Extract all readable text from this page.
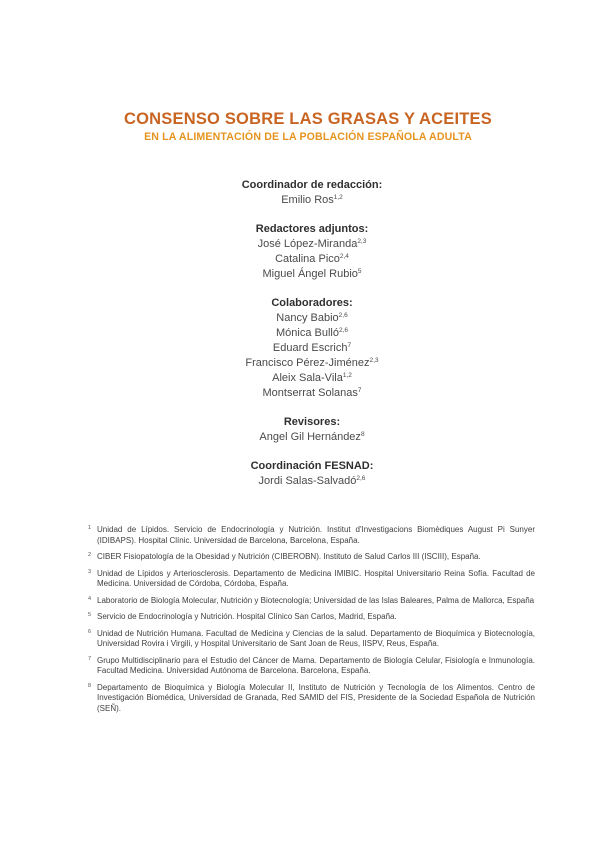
CONSENSO SOBRE LAS GRASAS Y ACEITES
EN LA ALIMENTACIÓN DE LA POBLACIÓN ESPAÑOLA ADULTA
Coordinador de redacción:
Emilio Ros$^{1,2}$
Redactores adjuntos:
José López-Miranda$^{2,3}$
Catalina Pico$^{2,4}$
Miguel Ángel Rubio$^5$
Colaboradores:
Nancy Babio$^{2,6}$
Mónica Bulló$^{2,6}$
Eduard Escrich$^7$
Francisco Pérez-Jiménez$^{2,3}$
Aleix Sala-Vila$^{1,2}$
Montserrat Solanas$^7$
Revisores:
Angel Gil Hernández$^8$
Coordinación FESNAD:
Jordi Salas-Salvadó$^{2,6}$
1 Unidad de Lípidos. Servicio de Endocrinología y Nutrición. Institut d'Investigacions Biomèdiques August Pi Sunyer (IDIBAPS). Hospital Clínic. Universidad de Barcelona, Barcelona, España.
2 CIBER Fisiopatología de la Obesidad y Nutrición (CIBEROBN). Instituto de Salud Carlos III (ISCIII), España.
3 Unidad de Lípidos y Arteriosclerosis. Departamento de Medicina IMIBIC. Hospital Universitario Reina Sofía. Facultad de Medicina. Universidad de Córdoba, Córdoba, España.
4 Laboratorio de Biología Molecular, Nutrición y Biotecnología; Universidad de las Islas Baleares, Palma de Mallorca, España
5 Servicio de Endocrinología y Nutrición. Hospital Clínico San Carlos, Madrid, España.
6 Unidad de Nutrición Humana. Facultad de Medicina y Ciencias de la salud. Departamento de Bioquímica y Biotecnología, Universidad Rovira i Virgili, y Hospital Universitario de Sant Joan de Reus, IISPV, Reus, España.
7 Grupo Multidisciplinario para el Estudio del Cáncer de Mama. Departamento de Biología Celular, Fisiología e Inmunología. Facultad Medicina. Universidad Autónoma de Barcelona. Barcelona, España.
8 Departamento de Bioquímica y Biología Molecular II, Instituto de Nutrición y Tecnología de los Alimentos. Centro de Investigación Biomédica, Universidad de Granada, Red SAMID del FIS, Presidente de la Sociedad Española de Nutrición (SEÑ).
